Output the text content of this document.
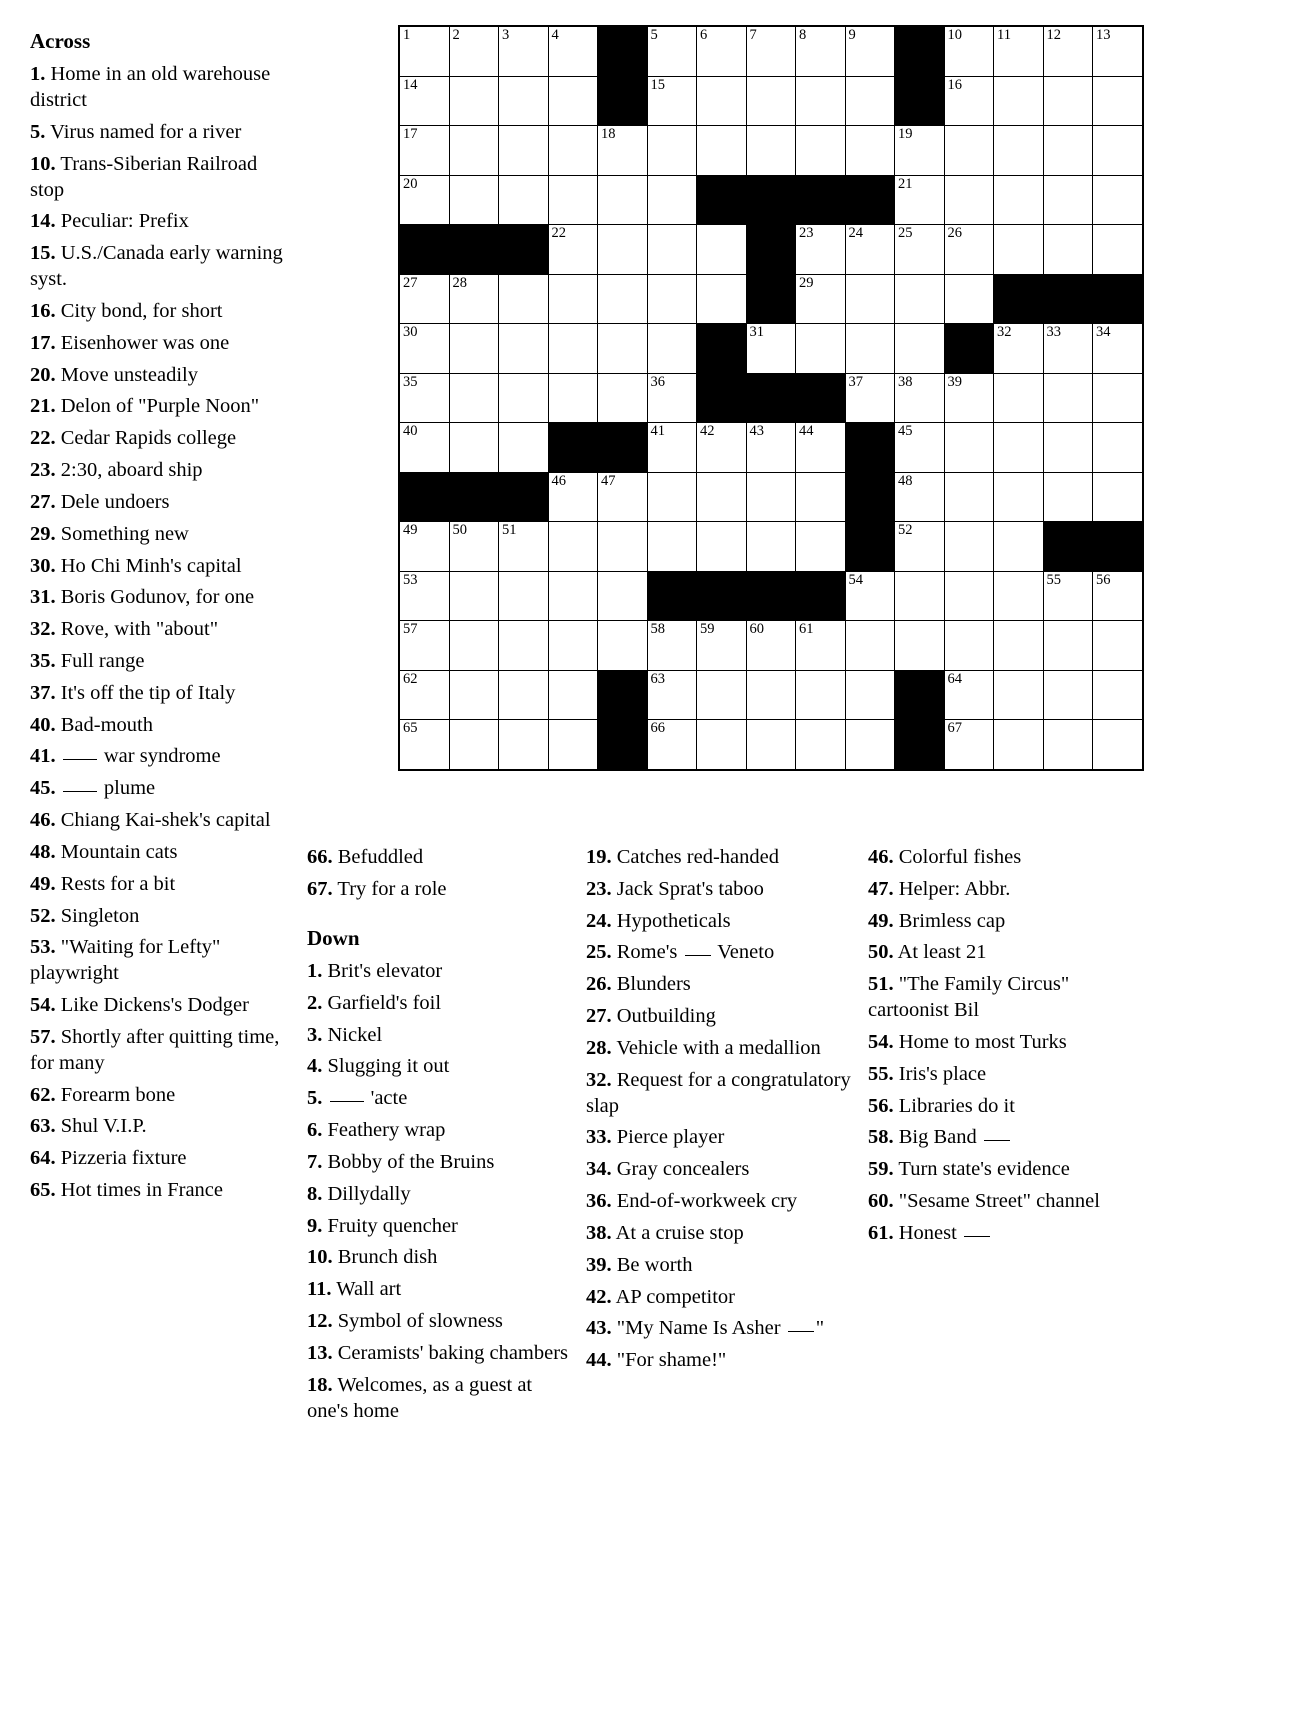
Across
1. Home in an old warehouse district
5. Virus named for a river
10. Trans-Siberian Railroad stop
14. Peculiar: Prefix
15. U.S./Canada early warning syst.
16. City bond, for short
17. Eisenhower was one
20. Move unsteadily
21. Delon of "Purple Noon"
22. Cedar Rapids college
23. 2:30, aboard ship
27. Dele undoers
29. Something new
30. Ho Chi Minh's capital
31. Boris Godunov, for one
32. Rove, with "about"
35. Full range
37. It's off the tip of Italy
40. Bad-mouth
41. war syndrome
45. plume
46. Chiang Kai-shek's capital
48. Mountain cats
49. Rests for a bit
52. Singleton
53. "Waiting for Lefty" playwright
54. Like Dickens's Dodger
57. Shortly after quitting time, for many
62. Forearm bone
63. Shul V.I.P.
64. Pizzeria fixture
65. Hot times in France
1	2	3	4		5	6	7	8	9		10	11	12	13

14					15						16			

17				18						19				

20										21				

			22					23	24	25	26			

27	28							29						

30							31					32	33	34

35					36				37	38	39			

40					41	42	43	44		45				

			46	47						48				

49	50	51								52				

53									54				55	56

57					58	59	60	61						

62					63						64			

65					66						67			

66. Befuddled
67. Try for a role
Down
1. Brit's elevator
2. Garfield's foil
3. Nickel
4. Slugging it out
5. 'acte
6. Feathery wrap
7. Bobby of the Bruins
8. Dillydally
9. Fruity quencher
10. Brunch dish
11. Wall art
12. Symbol of slowness
13. Ceramists' baking chambers
18. Welcomes, as a guest at one's home
19. Catches red-handed
23. Jack Sprat's taboo
24. Hypotheticals
25. Rome's  Veneto
26. Blunders
27. Outbuilding
28. Vehicle with a medallion
32. Request for a congratulatory slap
33. Pierce player
34. Gray concealers
36. End-of-workweek cry
38. At a cruise stop
39. Be worth
42. AP competitor
43. "My Name Is Asher "
44. "For shame!"
46. Colorful fishes
47. Helper: Abbr.
49. Brimless cap
50. At least 21
51. "The Family Circus" cartoonist Bil
54. Home to most Turks
55. Iris's place
56. Libraries do it
58. Big Band
59. Turn state's evidence
60. "Sesame Street" channel
61. Honest
